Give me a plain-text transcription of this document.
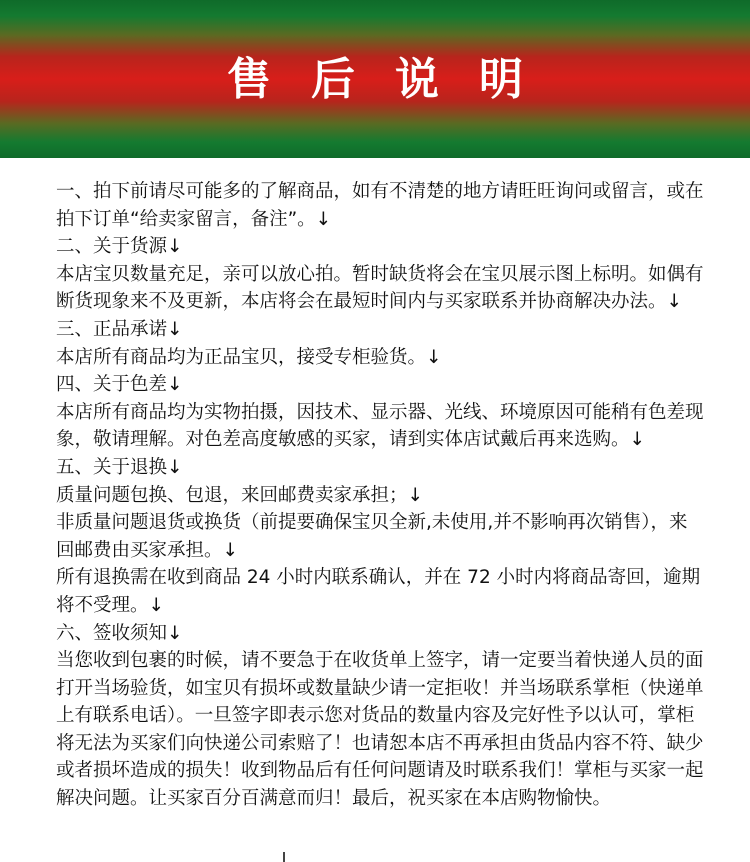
售后说明
一、拍下前请尽可能多的了解商品，如有不清楚的地方请旺旺询问或留言，或在
拍下订单“给卖家留言，备注”。↓
二、关于货源↓
本店宝贝数量充足，亲可以放心拍。暂时缺货将会在宝贝展示图上标明。如偶有
断货现象来不及更新，本店将会在最短时间内与买家联系并协商解决办法。↓
三、正品承诺↓
本店所有商品均为正品宝贝，接受专柜验货。↓
四、关于色差↓
本店所有商品均为实物拍摄，因技术、显示器、光线、环境原因可能稍有色差现
象，敬请理解。对色差高度敏感的买家，请到实体店试戴后再来选购。↓
五、关于退换↓
质量问题包换、包退，来回邮费卖家承担；↓
非质量问题退货或换货（前提要确保宝贝全新,未使用,并不影响再次销售），来
回邮费由买家承担。↓
所有退换需在收到商品 24 小时内联系确认，并在 72 小时内将商品寄回，逾期
将不受理。↓
六、签收须知↓
当您收到包裹的时候，请不要急于在收货单上签字，请一定要当着快递人员的面
打开当场验货，如宝贝有损坏或数量缺少请一定拒收！并当场联系掌柜（快递单
上有联系电话）。一旦签字即表示您对货品的数量内容及完好性予以认可，掌柜
将无法为买家们向快递公司索赔了！也请恕本店不再承担由货品内容不符、缺少
或者损坏造成的损失！收到物品后有任何问题请及时联系我们！掌柜与买家一起
解决问题。让买家百分百满意而归！最后，祝买家在本店购物愉快。
